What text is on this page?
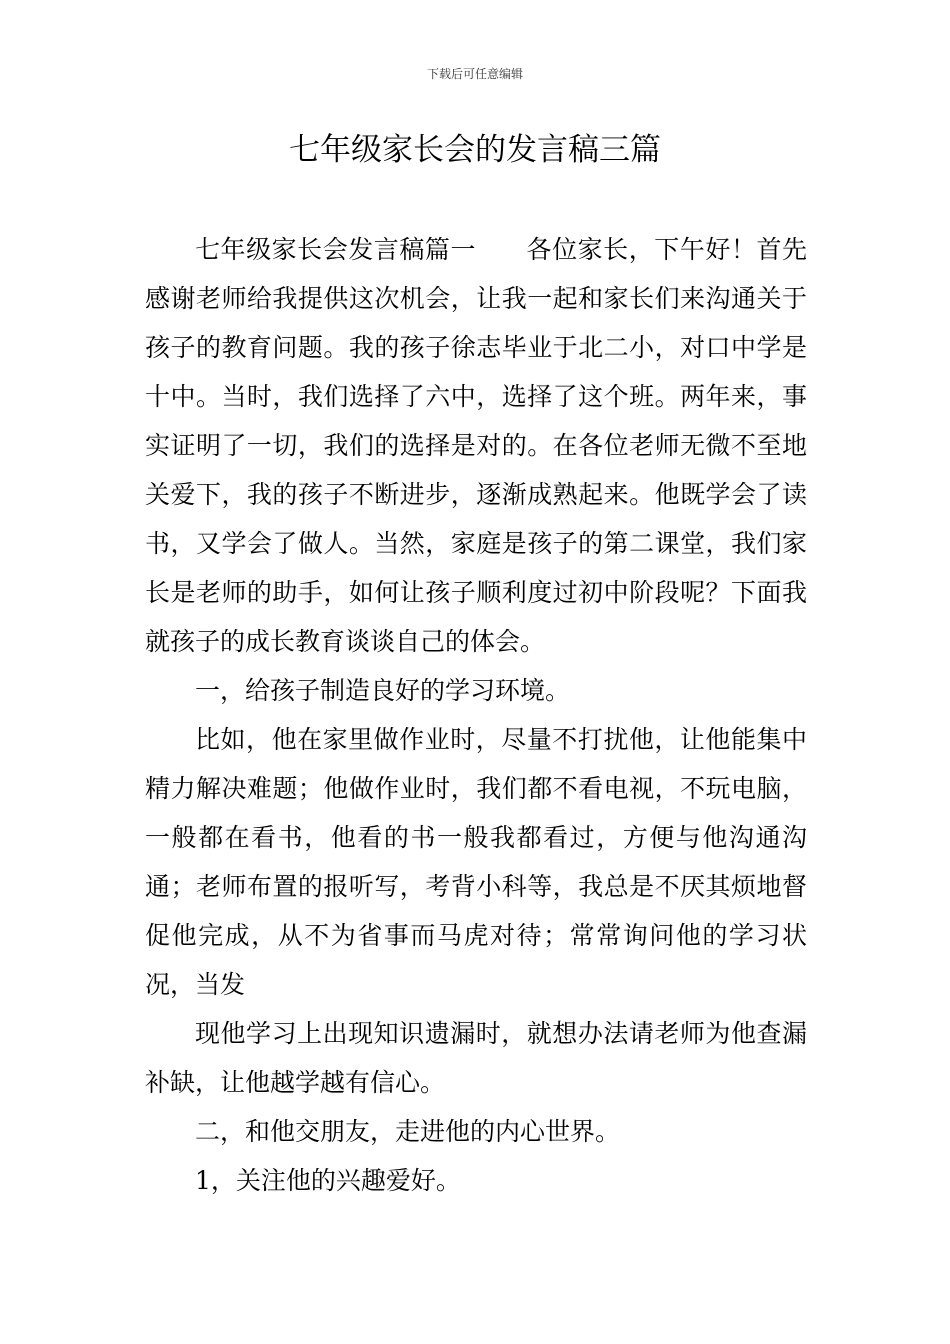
下载后可任意编辑
七年级家长会的发言稿三篇

七年级家长会发言稿篇一 各位家长，下午好！首先感谢老师给我提供这次机会，让我一起和家长们来沟通关于孩子的教育问题。我的孩子徐志毕业于北二小，对口中学是十中。当时，我们选择了六中，选择了这个班。两年来，事实证明了一切，我们的选择是对的。在各位老师无微不至地关爱下，我的孩子不断进步，逐渐成熟起来。他既学会了读书，又学会了做人。当然，家庭是孩子的第二课堂，我们家长是老师的助手，如何让孩子顺利度过初中阶段呢？下面我就孩子的成长教育谈谈自己的体会。

一，给孩子制造良好的学习环境。

比如，他在家里做作业时，尽量不打扰他，让他能集中精力解决难题；他做作业时，我们都不看电视，不玩电脑，一般都在看书，他看的书一般我都看过，方便与他沟通沟通；老师布置的报听写，考背小科等，我总是不厌其烦地督促他完成，从不为省事而马虎对待；常常询问他的学习状况，当发

现他学习上出现知识遗漏时，就想办法请老师为他查漏补缺，让他越学越有信心。

二，和他交朋友，走进他的内心世界。

1，关注他的兴趣爱好。
